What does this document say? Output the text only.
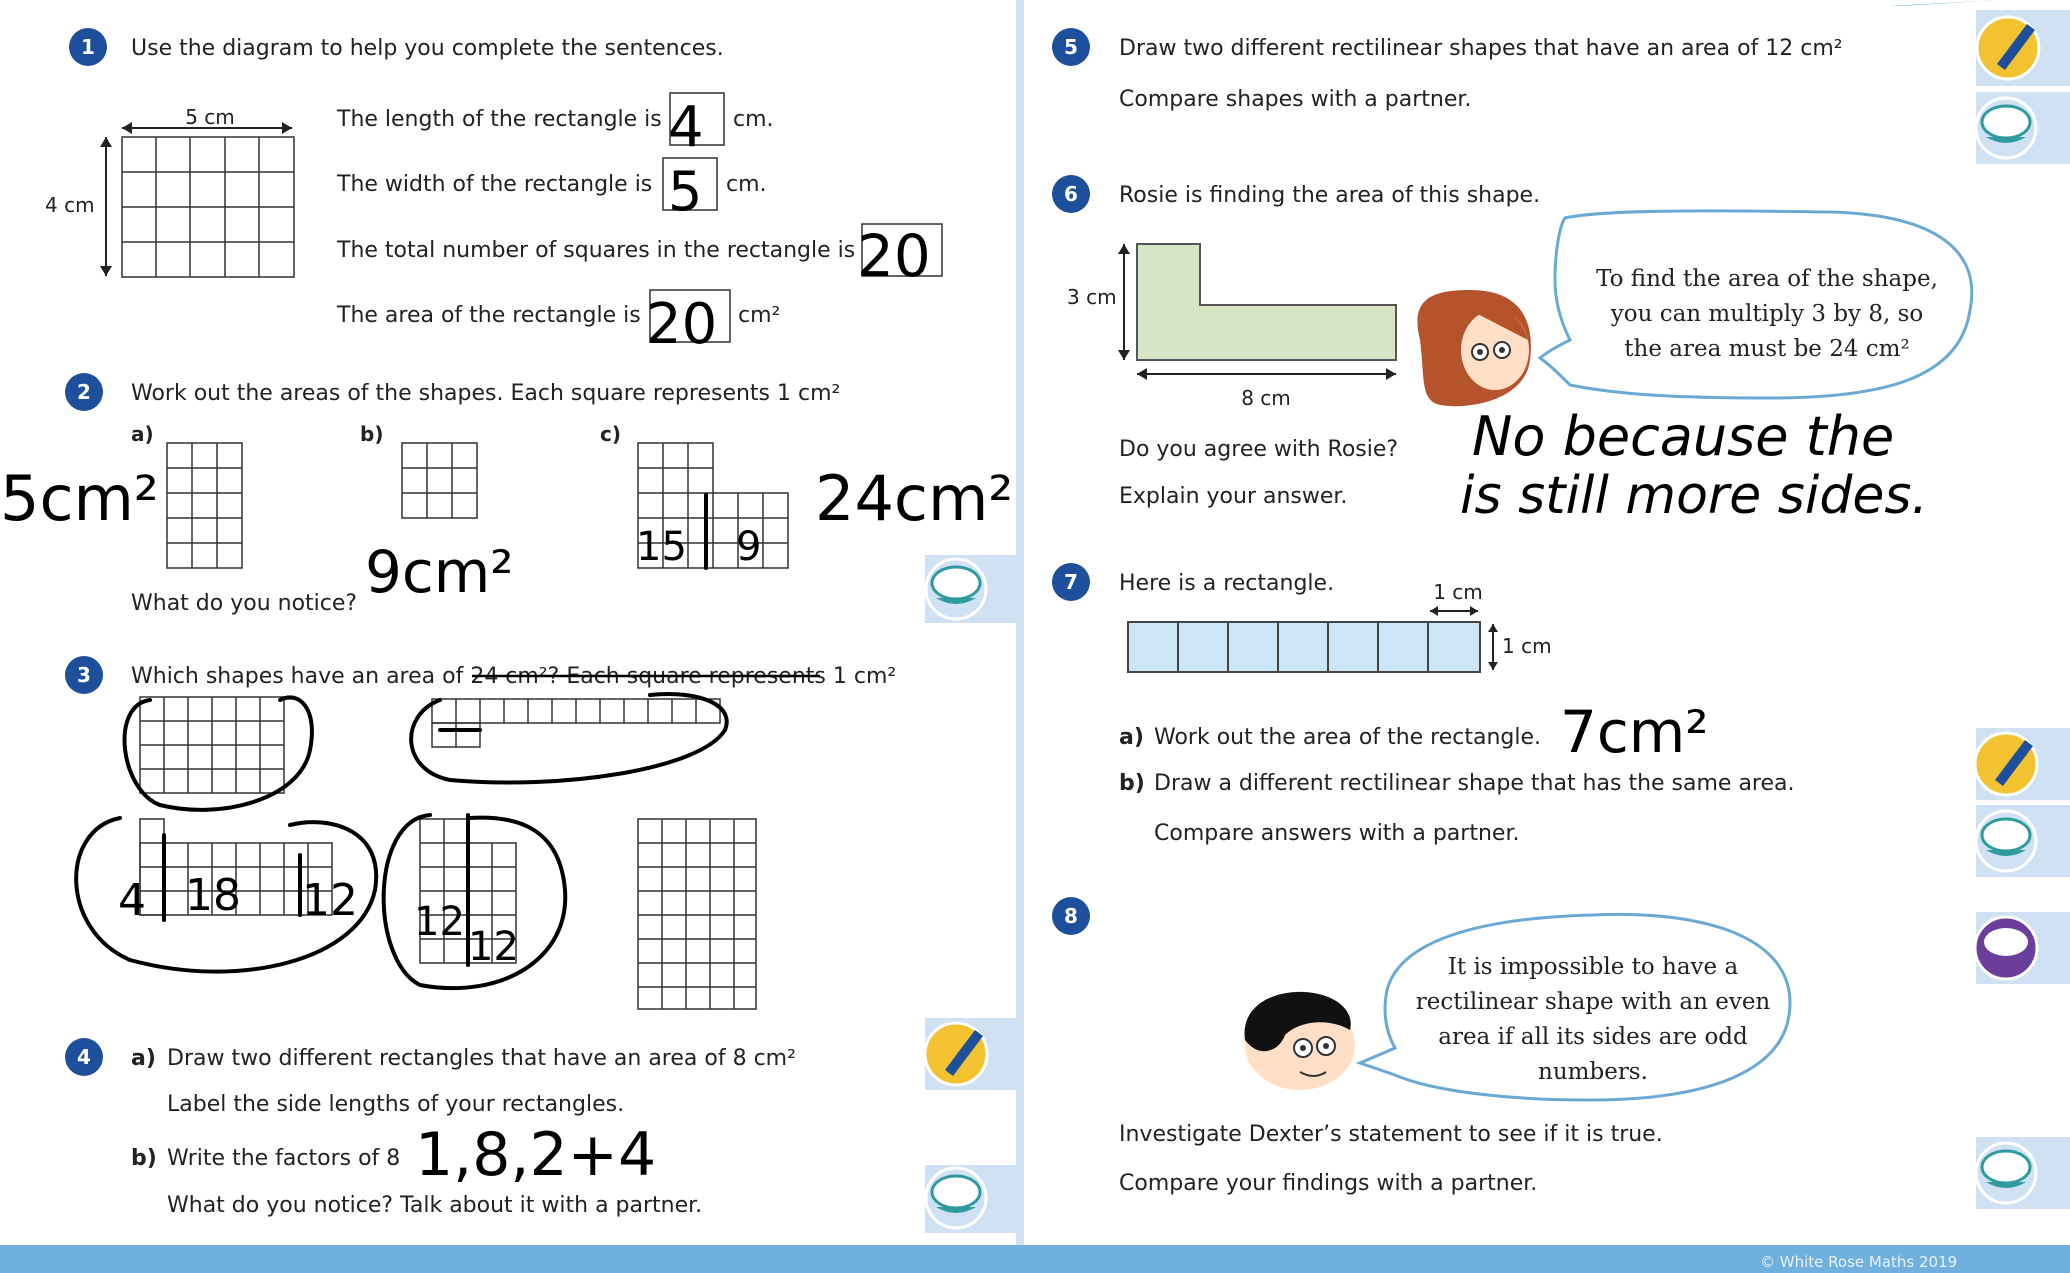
© White Rose Maths 2019
1 Use the diagram to help you complete the sentences.
5 cm
4 cm
The length of the rectangle is 4 cm.
The width of the rectangle is 5 cm.
The total number of squares in the rectangle is 20
The area of the rectangle is 20 cm²
2 Work out the areas of the shapes. Each square represents 1 cm²
a)	b)	c)
5cm²
9cm²	15 9
24cm²
What do you notice?
3 Which shapes have an area of 24 cm²? Each square represents 1 cm²
4 18 12 12
12
4 a) Draw two different rectangles that have an area of 8 cm²
Label the side lengths of your rectangles.
b) Write the factors of 8 1,8,2+4
What do you notice? Talk about it with a partner.
5 Draw two different rectilinear shapes that have an area of 12 cm²
Compare shapes with a partner.
6 Rosie is finding the area of this shape.
3 cm
8 cm
To find the area of the shape,
you can multiply 3 by 8, so
the area must be 24 cm²
Do you agree with Rosie?
Explain your answer.
No because the
is still more sides.
7 Here is a rectangle.	1 cm
1 cm
a) Work out the area of the rectangle. 7cm²
b) Draw a different rectilinear shape that has the same area.
Compare answers with a partner.
8
It is impossible to have a
rectilinear shape with an even
area if all its sides are odd
numbers.
Investigate Dexter’s statement to see if it is true.
Compare your findings with a partner.
